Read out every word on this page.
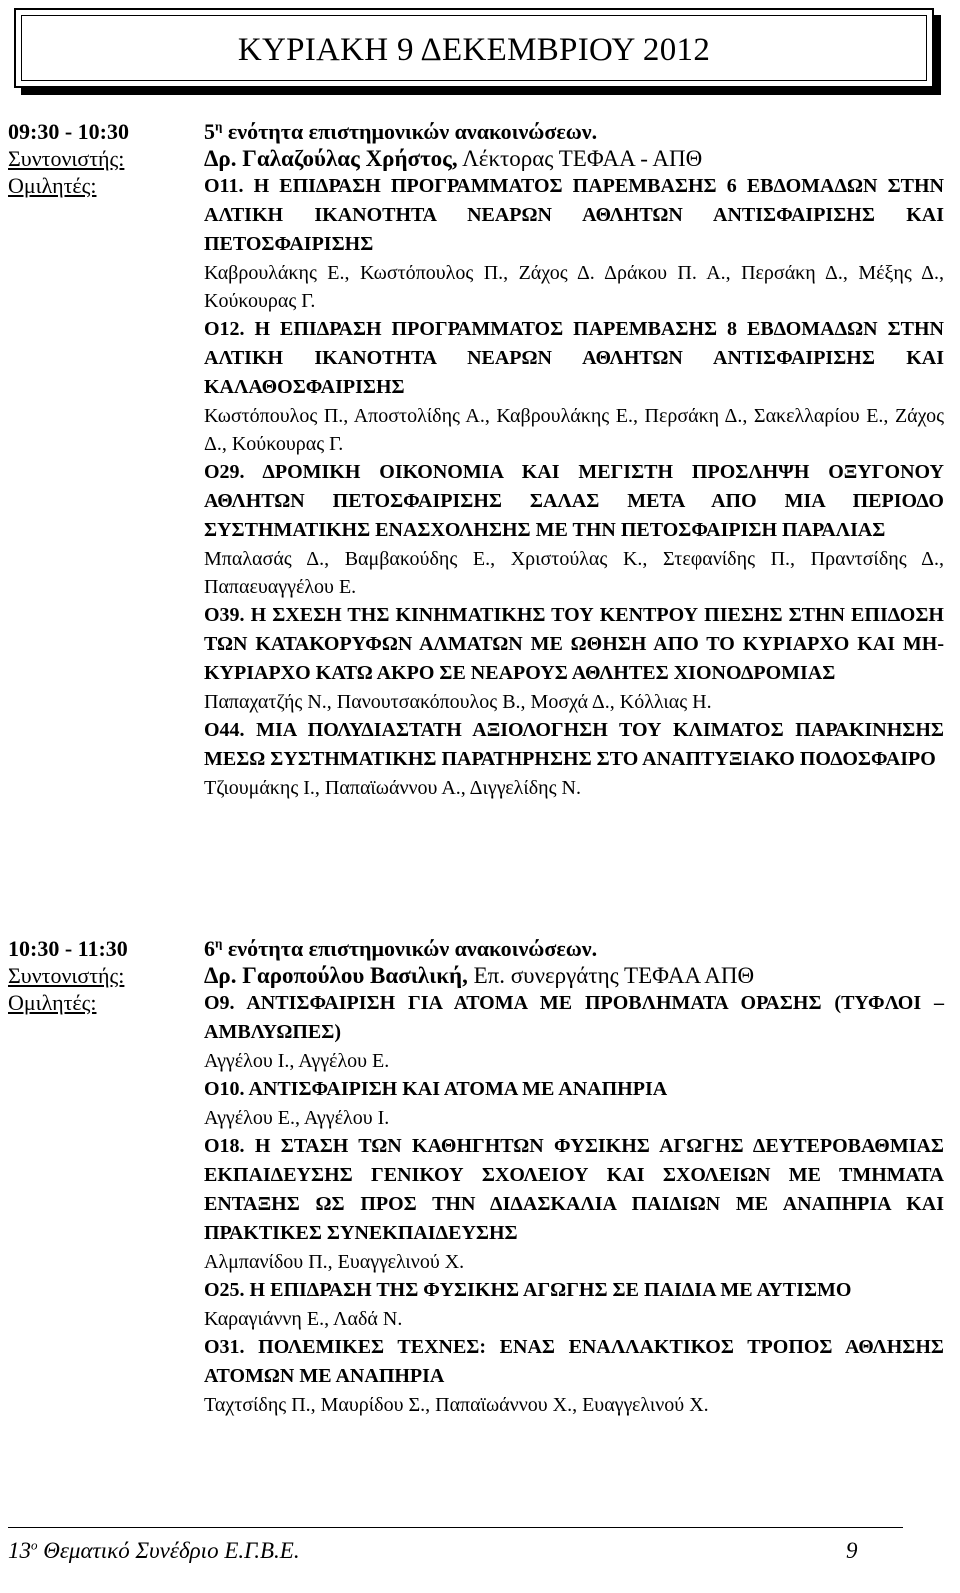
ΚΥΡΙΑΚΗ 9 ΔΕΚΕΜΒΡΙΟΥ 2012
09:30 - 10:30	$5^\eta$ ενότητα επιστημονικών ανακοινώσεων.
Συντονιστής:	Δρ. Γαλαζούλας Χρήστος, Λέκτορας ΤΕΦΑΑ - ΑΠΘ
Ομιλητές:	Ο11. Η ΕΠΙΔΡΑΣΗ ΠΡΟΓΡΑΜΜΑΤΟΣ ΠΑΡΕΜΒΑΣΗΣ 6 ΕΒΔΟΜΑΔΩΝ ΣΤΗΝ ΑΛΤΙΚΗ ΙΚΑΝΟΤΗΤΑ ΝΕΑΡΩΝ ΑΘΛΗΤΩΝ ΑΝΤΙΣΦΑΙΡΙΣΗΣ ΚΑΙ ΠΕΤΟΣΦΑΙΡΙΣΗΣ
Καβρουλάκης Ε., Κωστόπουλος Π., Ζάχος Δ. Δράκου Π. Α., Περσάκη Δ., Μέξης Δ., Κούκουρας Γ.
Ο12. Η ΕΠΙΔΡΑΣΗ ΠΡΟΓΡΑΜΜΑΤΟΣ ΠΑΡΕΜΒΑΣΗΣ 8 ΕΒΔΟΜΑΔΩΝ ΣΤΗΝ ΑΛΤΙΚΗ ΙΚΑΝΟΤΗΤΑ ΝΕΑΡΩΝ ΑΘΛΗΤΩΝ ΑΝΤΙΣΦΑΙΡΙΣΗΣ ΚΑΙ ΚΑΛΑΘΟΣΦΑΙΡΙΣΗΣ
Κωστόπουλος Π., Αποστολίδης Α., Καβρουλάκης Ε., Περσάκη Δ., Σακελλαρίου Ε., Ζάχος Δ., Κούκουρας Γ.
Ο29. ΔΡΟΜΙΚΗ ΟΙΚΟΝΟΜΙΑ ΚΑΙ ΜΕΓΙΣΤΗ ΠΡΟΣΛΗΨΗ ΟΞΥΓΟΝΟΥ ΑΘΛΗΤΩΝ ΠΕΤΟΣΦΑΙΡΙΣΗΣ ΣΑΛΑΣ ΜΕΤΑ ΑΠΟ ΜΙΑ ΠΕΡΙΟΔΟ ΣΥΣΤΗΜΑΤΙΚΗΣ ΕΝΑΣΧΟΛΗΣΗΣ ΜΕ ΤΗΝ ΠΕΤΟΣΦΑΙΡΙΣΗ ΠΑΡΑΛΙΑΣ
Μπαλασάς Δ., Βαμβακούδης Ε., Χριστούλας Κ., Στεφανίδης Π., Πραντσίδης Δ., Παπαευαγγέλου Ε.
Ο39. Η ΣΧΕΣΗ ΤΗΣ ΚΙΝΗΜΑΤΙΚΗΣ ΤΟΥ ΚΕΝΤΡΟΥ ΠΙΕΣΗΣ ΣΤΗΝ ΕΠΙΔΟΣΗ ΤΩΝ ΚΑΤΑΚΟΡΥΦΩΝ ΑΛΜΑΤΩΝ ΜΕ ΩΘΗΣΗ ΑΠΟ ΤΟ ΚΥΡΙΑΡΧΟ ΚΑΙ ΜΗ-ΚΥΡΙΑΡΧΟ ΚΑΤΩ ΑΚΡΟ ΣΕ ΝΕΑΡΟΥΣ ΑΘΛΗΤΕΣ ΧΙΟΝΟΔΡΟΜΙΑΣ
Παπαχατζής Ν., Πανουτσακόπουλος Β., Μοσχά Δ., Κόλλιας Η.
Ο44. ΜΙΑ ΠΟΛΥΔΙΑΣΤΑΤΗ ΑΞΙΟΛΟΓΗΣΗ ΤΟΥ ΚΛΙΜΑΤΟΣ ΠΑΡΑΚΙΝΗΣΗΣ ΜΕΣΩ ΣΥΣΤΗΜΑΤΙΚΗΣ ΠΑΡΑΤΗΡΗΣΗΣ ΣΤΟ ΑΝΑΠΤΥΞΙΑΚΟ ΠΟΔΟΣΦΑΙΡΟ
Τζιουμάκης Ι., Παπαϊωάννου Α., Διγγελίδης Ν.
10:30 - 11:30	$6^\eta$ ενότητα επιστημονικών ανακοινώσεων.
Συντονιστής:	Δρ. Γαροπούλου Βασιλική, Επ. συνεργάτης ΤΕΦΑΑ ΑΠΘ
Ομιλητές:	Ο9. ΑΝΤΙΣΦΑΙΡΙΣΗ ΓΙΑ ΑΤΟΜΑ ΜΕ ΠΡΟΒΛΗΜΑΤΑ ΟΡΑΣΗΣ (ΤΥΦΛΟΙ – ΑΜΒΛΥΩΠΕΣ)
Αγγέλου Ι., Αγγέλου Ε.
Ο10. ΑΝΤΙΣΦΑΙΡΙΣΗ ΚΑΙ ΑΤΟΜΑ ΜΕ ΑΝΑΠΗΡΙΑ
Αγγέλου Ε., Αγγέλου Ι.
Ο18. Η ΣΤΑΣΗ ΤΩΝ ΚΑΘΗΓΗΤΩΝ ΦΥΣΙΚΗΣ ΑΓΩΓΗΣ ΔΕΥΤΕΡΟΒΑΘΜΙΑΣ ΕΚΠΑΙΔΕΥΣΗΣ ΓΕΝΙΚΟΥ ΣΧΟΛΕΙΟΥ ΚΑΙ ΣΧΟΛΕΙΩΝ ΜΕ ΤΜΗΜΑΤΑ ΕΝΤΑΞΗΣ ΩΣ ΠΡΟΣ ΤΗΝ ΔΙΔΑΣΚΑΛΙΑ ΠΑΙΔΙΩΝ ΜΕ ΑΝΑΠΗΡΙΑ ΚΑΙ ΠΡΑΚΤΙΚΕΣ ΣΥΝΕΚΠΑΙΔΕΥΣΗΣ
Αλμπανίδου Π., Ευαγγελινού Χ.
Ο25. Η ΕΠΙΔΡΑΣΗ ΤΗΣ ΦΥΣΙΚΗΣ ΑΓΩΓΗΣ ΣΕ ΠΑΙΔΙΑ ΜΕ ΑΥΤΙΣΜΟ
Καραγιάννη Ε., Λαδά Ν.
Ο31. ΠΟΛΕΜΙΚΕΣ ΤΕΧΝΕΣ: ΕΝΑΣ ΕΝΑΛΛΑΚΤΙΚΟΣ ΤΡΟΠΟΣ ΑΘΛΗΣΗΣ ΑΤΟΜΩΝ ΜΕ ΑΝΑΠΗΡΙΑ
Ταχτσίδης Π., Μαυρίδου Σ., Παπαϊωάννου Χ., Ευαγγελινού Χ.
$13^o$ Θεματικό Συνέδριο Ε.Γ.Β.Ε.	9
